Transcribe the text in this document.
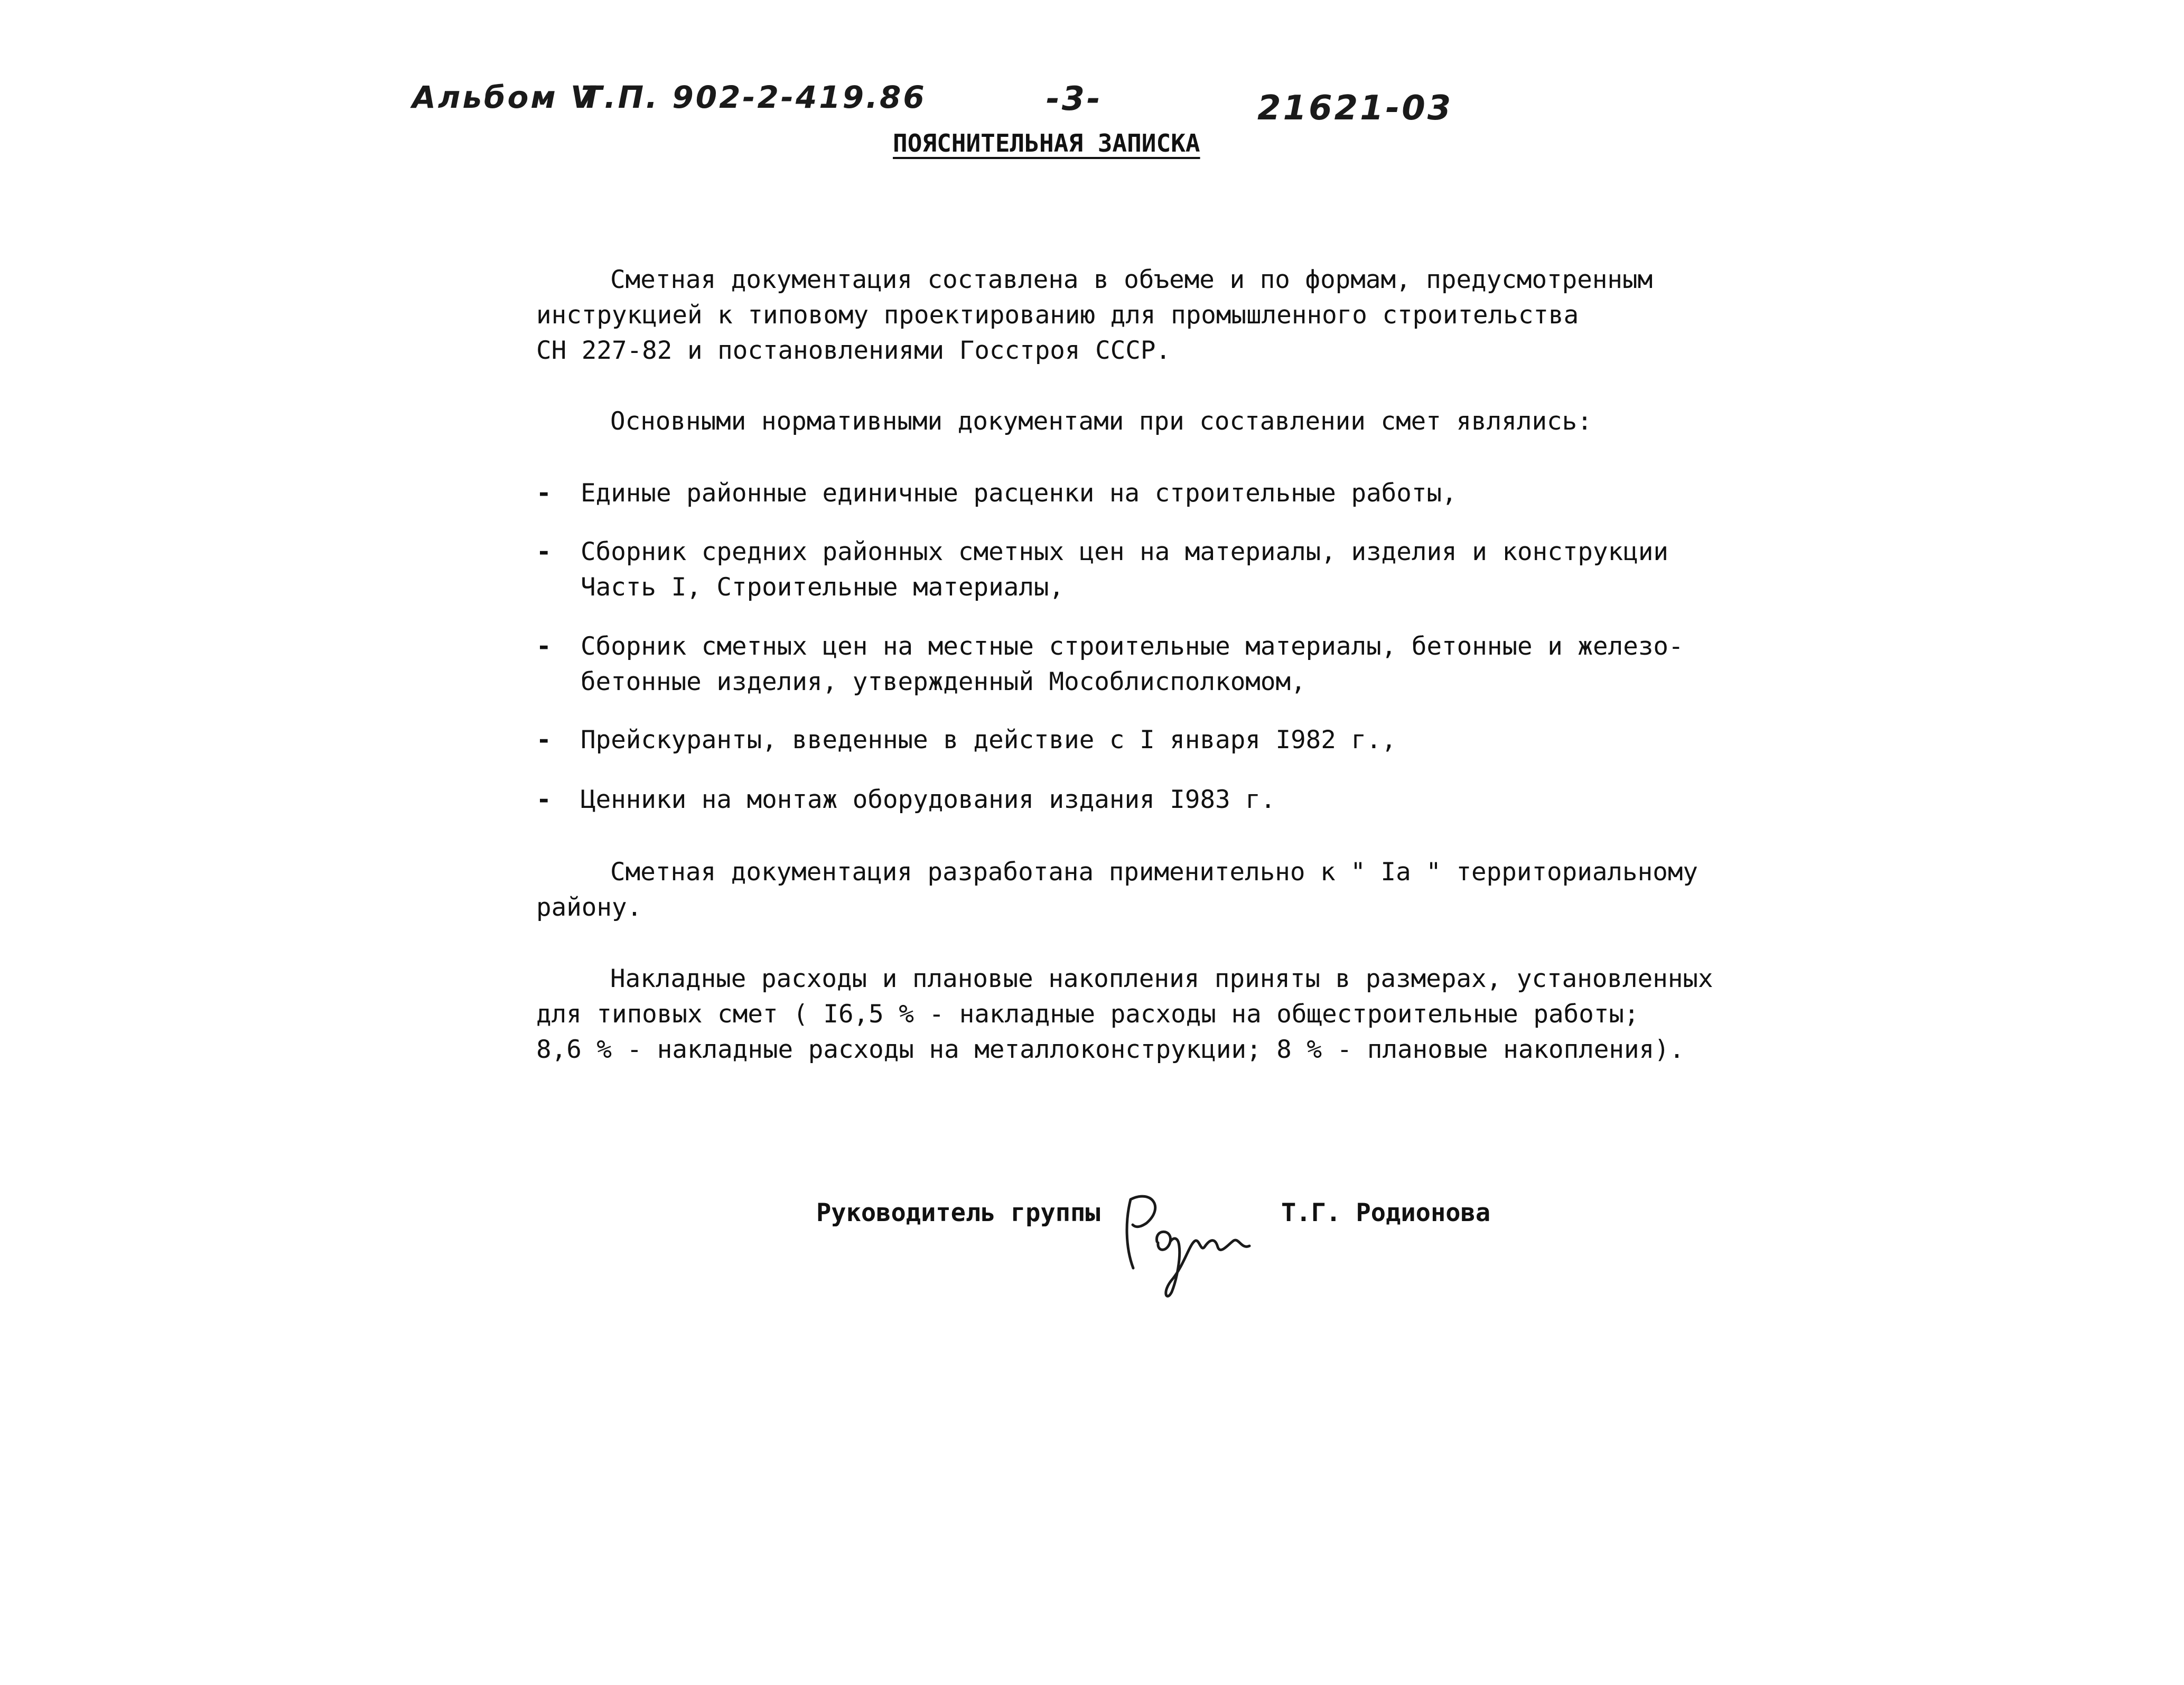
Альбом V
Т.П. 902-2-419.86	-3-	21621-03
ПОЯСНИТЕЛЬНАЯ ЗАПИСКА
Сметная документация составлена в объеме и по формам, предусмотренным
инструкцией к типовому проектированию для промышленного строительства
СН 227-82 и постановлениями Госстроя СССР.
Основными нормативными документами при составлении смет являлись:
- Единые районные единичные расценки на строительные работы,
- Сборник средних районных сметных цен на материалы, изделия и конструкции
Часть I, Строительные материалы,
- Сборник сметных цен на местные строительные материалы, бетонные и железо-
бетонные изделия, утвержденный Мособлисполкомом,
- Прейскуранты, введенные в действие с I января I982 г.,
- Ценники на монтаж оборудования издания I983 г.
Сметная документация разработана применительно к " Iа " территориальному
району.
Накладные расходы и плановые накопления приняты в размерах, установленных
для типовых смет ( I6,5 % - накладные расходы на общестроительные работы;
8,6 % - накладные расходы на металлоконструкции; 8 % - плановые накопления).
Руководитель группы	Т.Г. Родионова
